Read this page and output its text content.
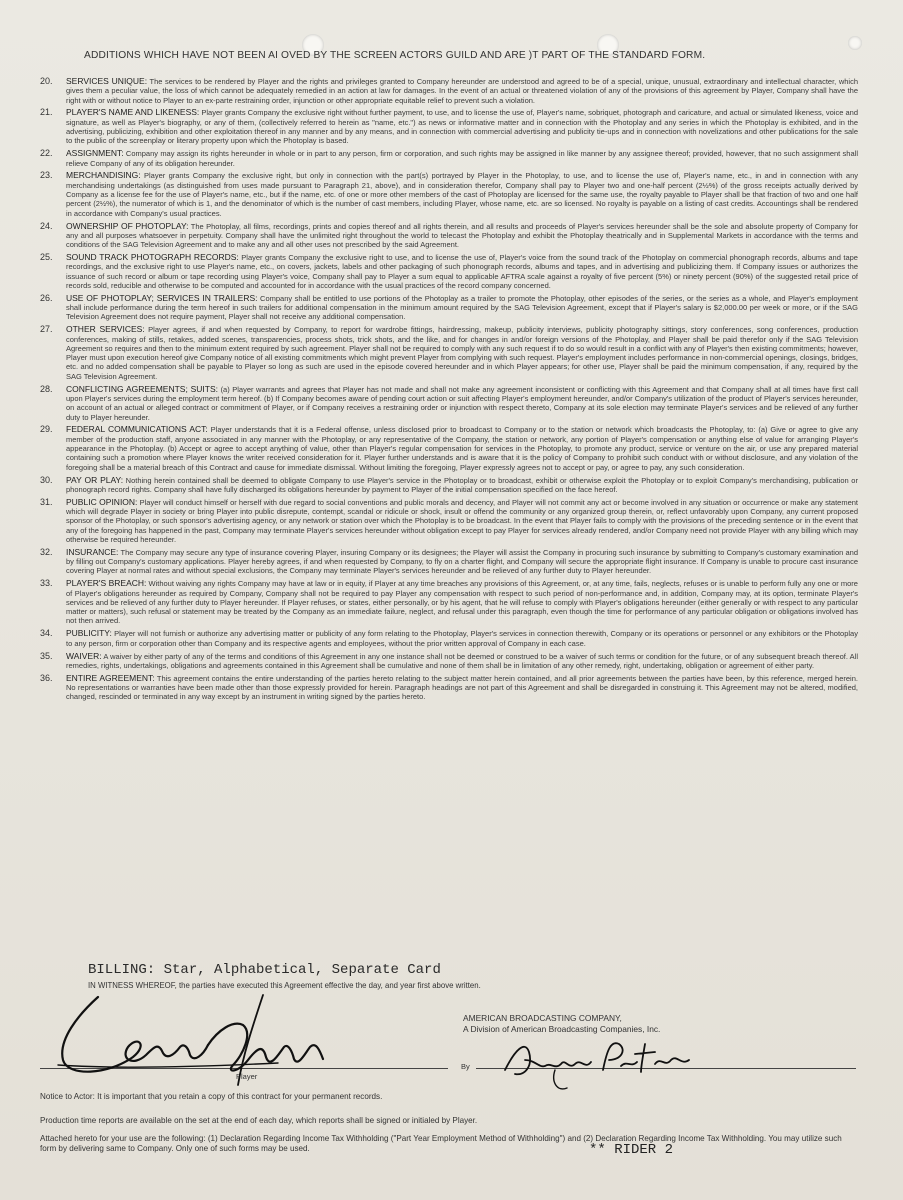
ADDITIONS WHICH HAVE NOT BEEN AI OVED BY THE SCREEN ACTORS GUILD AND ARE )T PART OF THE STANDARD FORM.
20.	SERVICES UNIQUE: The services to be rendered by Player and the rights and privileges granted to Company hereunder are understood and agreed to be of a special, unique, unusual, extraordinary and intellectual character, which gives them a peculiar value, the loss of which cannot be adequately remedied in an action at law for damages. In the event of an actual or threatened violation of any of the provisions of this agreement by Player, Company shall have the right with or without notice to Player to an ex-parte restraining order, injunction or other appropriate equitable relief to prevent such a violation.
21.	PLAYER'S NAME AND LIKENESS: Player grants Company the exclusive right without further payment, to use, and to license the use of, Player's name, sobriquet, photograph and caricature, and actual or simulated likeness, voice and signature, as well as Player's biography, or any of them, (collectively referred to herein as "name, etc.") as news or informative matter and in connection with the Photoplay and any series in which the Photoplay is exhibited, and in the advertising, publicizing, exhibition and other exploitation thereof in any manner and by any means, and in connection with commercial advertising and publicity tie-ups and in connection with novelizations and other publications for the sale to the public of the screenplay or literary property upon which the Photoplay is based.
22.	ASSIGNMENT: Company may assign its rights hereunder in whole or in part to any person, firm or corporation, and such rights may be assigned in like manner by any assignee thereof; provided, however, that no such assignment shall relieve Company of any of its obligation hereunder.
23.	MERCHANDISING: Player grants Company the exclusive right, but only in connection with the part(s) portrayed by Player in the Photoplay, to use, and to license the use of, Player's name, etc., in and in connection with any merchandising undertakings (as distinguished from uses made pursuant to Paragraph 21, above), and in consideration therefor, Company shall pay to Player two and one-half percent (2½%) of the gross receipts actually derived by Company as a license fee for the use of Player's name, etc., but if the name, etc. of one or more other members of the cast of Photoplay are licensed for the same use, the royalty payable to Player shall be that fraction of two and one half percent (2½%), the numerator of which is 1, and the denominator of which is the number of cast members, including Player, whose name, etc. are so licensed. No royalty is payable on a listing of cast credits. Accountings shall be rendered in accordance with Company's usual practices.
24.	OWNERSHIP OF PHOTOPLAY: The Photoplay, all films, recordings, prints and copies thereof and all rights therein, and all results and proceeds of Player's services hereunder shall be the sole and absolute property of Company for any and all purposes whatsoever in perpetuity. Company shall have the unlimited right throughout the world to telecast the Photoplay and exhibit the Photoplay theatrically and in Supplemental Markets in accordance with the terms and conditions of the SAG Television Agreement and to make any and all other uses not prescribed by the said Agreement.
25.	SOUND TRACK PHOTOGRAPH RECORDS: Player grants Company the exclusive right to use, and to license the use of, Player's voice from the sound track of the Photoplay on commercial phonograph records, albums and tape recordings, and the exclusive right to use Player's name, etc., on covers, jackets, labels and other packaging of such phonograph records, albums and tapes, and in advertising and publicizing them. If Company issues or authorizes the issuance of such record or album or tape recording using Player's voice, Company shall pay to Player a sum equal to applicable AFTRA scale against a royalty of five percent (5%) or ninety percent (90%) of the suggested retail price of records sold, reducible and otherwise to be computed and accounted for in accordance with the usual practices of the record company concerned.
26.	USE OF PHOTOPLAY; SERVICES IN TRAILERS: Company shall be entitled to use portions of the Photoplay as a trailer to promote the Photoplay, other episodes of the series, or the series as a whole, and Player's employment shall include performance during the term hereof in such trailers for additional compensation in the minimum amount required by the SAG Television Agreement, except that if Player's salary is $2,000.00 per week or more, or if the SAG Television Agreement does not require payment, Player shall not receive any additional compensation.
27.	OTHER SERVICES: Player agrees, if and when requested by Company, to report for wardrobe fittings, hairdressing, makeup, publicity interviews, publicity photography sittings, story conferences, song conferences, production conferences, making of stills, retakes, added scenes, transparencies, process shots, trick shots, and the like, and for changes in and/or foreign versions of the Photoplay, and Player shall be paid therefor only if the SAG Television Agreement so requires and then to the minimum extent required by such agreement. Player shall not be required to comply with any such request if to do so would result in a conflict with any of Player's then existing commitments; however, Player must upon execution hereof give Company notice of all existing commitments which might prevent Player from complying with such request. Player's employment includes performance in non-commercial openings, closings, bridges, etc. and no added compensation shall be payable to Player so long as such are used in the episode covered hereunder and in which Player appears; for other use, Player shall be paid the minimum compensation, if any, required by the SAG Television Agreement.
28.	CONFLICTING AGREEMENTS; SUITS: (a) Player warrants and agrees that Player has not made and shall not make any agreement inconsistent or conflicting with this Agreement and that Company shall at all times have first call upon Player's services during the employment term hereof. (b) If Company becomes aware of pending court action or suit affecting Player's employment hereunder, and/or Company's utilization of the product of Player's services hereunder, on account of an actual or alleged contract or commitment of Player, or if Company receives a restraining order or injunction with respect thereto, Company at its sole election may terminate Player's services and be relieved of any further duty to Player hereunder.
29.	FEDERAL COMMUNICATIONS ACT: Player understands that it is a Federal offense, unless disclosed prior to broadcast to Company or to the station or network which broadcasts the Photoplay, to: (a) Give or agree to give any member of the production staff, anyone associated in any manner with the Photoplay, or any representative of the Company, the station or network, any portion of Player's compensation or anything else of value for arranging Player's appearance in the Photoplay. (b) Accept or agree to accept anything of value, other than Player's regular compensation for services in the Photoplay, to promote any product, service or venture on the air, or use any prepared material containing such a promotion where Player knows the writer received consideration for it. Player further understands and is aware that it is the policy of Company to prohibit such conduct with or without disclosure, and any violation of the foregoing shall be a material breach of this Contract and cause for immediate dismissal. Without limiting the foregoing, Player expressly agrees not to accept or pay, or agree to pay, any such consideration.
30.	PAY OR PLAY: Nothing herein contained shall be deemed to obligate Company to use Player's service in the Photoplay or to broadcast, exhibit or otherwise exploit the Photoplay or to exploit Company's merchandising, publication or phonograph record rights. Company shall have fully discharged its obligations hereunder by payment to Player of the initial compensation specified on the face hereof.
31.	PUBLIC OPINION: Player will conduct himself or herself with due regard to social conventions and public morals and decency, and Player will not commit any act or become involved in any situation or occurrence or make any statement which will degrade Player in society or bring Player into public disrepute, contempt, scandal or ridicule or shock, insult or offend the community or any organized group therein, or, reflect unfavorably upon Company, any current proposed sponsor of the Photoplay, or such sponsor's advertising agency, or any network or station over which the Photoplay is to be broadcast. In the event that Player fails to comply with the provisions of the preceding sentence or in the event that any of the foregoing has happened in the past, Company may terminate Player's services hereunder without obligation except to pay Player for services already rendered, and/or Company need not provide Player with any billing which may otherwise be required hereunder.
32.	INSURANCE: The Company may secure any type of insurance covering Player, insuring Company or its designees; the Player will assist the Company in procuring such insurance by submitting to Company's customary examination and by filling out Company's customary applications. Player hereby agrees, if and when requested by Company, to fly on a charter flight, and Company will secure the appropriate flight insurance. If Company is unable to procure cast insurance covering Player at normal rates and without special exclusions, the Company may terminate Player's services hereunder and be relieved of any further duty to Player hereunder.
33.	PLAYER'S BREACH: Without waiving any rights Company may have at law or in equity, if Player at any time breaches any provisions of this Agreement, or, at any time, fails, neglects, refuses or is unable to perform fully any one or more of Player's obligations hereunder as required by Company, Company shall not be required to pay Player any compensation with respect to such period of non-performance and, in addition, Company may, at its option, terminate Player's services and be relieved of any further duty to Player hereunder. If Player refuses, or states, either personally, or by his agent, that he will refuse to comply with Player's obligations hereunder (either generally or with respect to any particular matter or matters), such refusal or statement may be treated by the Company as an immediate failure, neglect, and refusal under this paragraph, even though the time for performance of any particular obligation or obligations involved has not then arrived.
34.	PUBLICITY: Player will not furnish or authorize any advertising matter or publicity of any form relating to the Photoplay, Player's services in connection therewith, Company or its operations or personnel or any exhibitors or the Photoplay to any person, firm or corporation other than Company and its respective agents and employees, without the prior written approval of Company in each case.
35.	WAIVER: A waiver by either party of any of the terms and conditions of this Agreement in any one instance shall not be deemed or construed to be a waiver of such terms or condition for the future, or of any subsequent breach thereof. All remedies, rights, undertakings, obligations and agreements contained in this Agreement shall be cumulative and none of them shall be in limitation of any other remedy, right, undertaking, obligation or agreement of either party.
36.	ENTIRE AGREEMENT: This agreement contains the entire understanding of the parties hereto relating to the subject matter herein contained, and all prior agreements between the parties have been, by this reference, merged herein. No representations or warranties have been made other than those expressly provided for herein. Paragraph headings are not part of this Agreement and shall be disregarded in construing it. This Agreement may not be altered, modified, changed, rescinded or terminated in any way except by an instrument in writing signed by the parties hereto.
BILLING: Star, Alphabetical, Separate Card
IN WITNESS WHEREOF, the parties have executed this Agreement effective the day, and year first above written.
AMERICAN BROADCASTING COMPANY,
A Division of American Broadcasting Companies, Inc.
Player
By
Notice to Actor: It is important that you retain a copy of this contract for your permanent records.
Production time reports are available on the set at the end of each day, which reports shall be signed or initialed by Player.
Attached hereto for your use are the following: (1) Declaration Regarding Income Tax Withholding ("Part Year Employment Method of Withholding") and (2) Declaration Regarding Income Tax Withholding. You may utilize such form by delivering same to Company. Only one of such forms may be used.	** RIDER 2
